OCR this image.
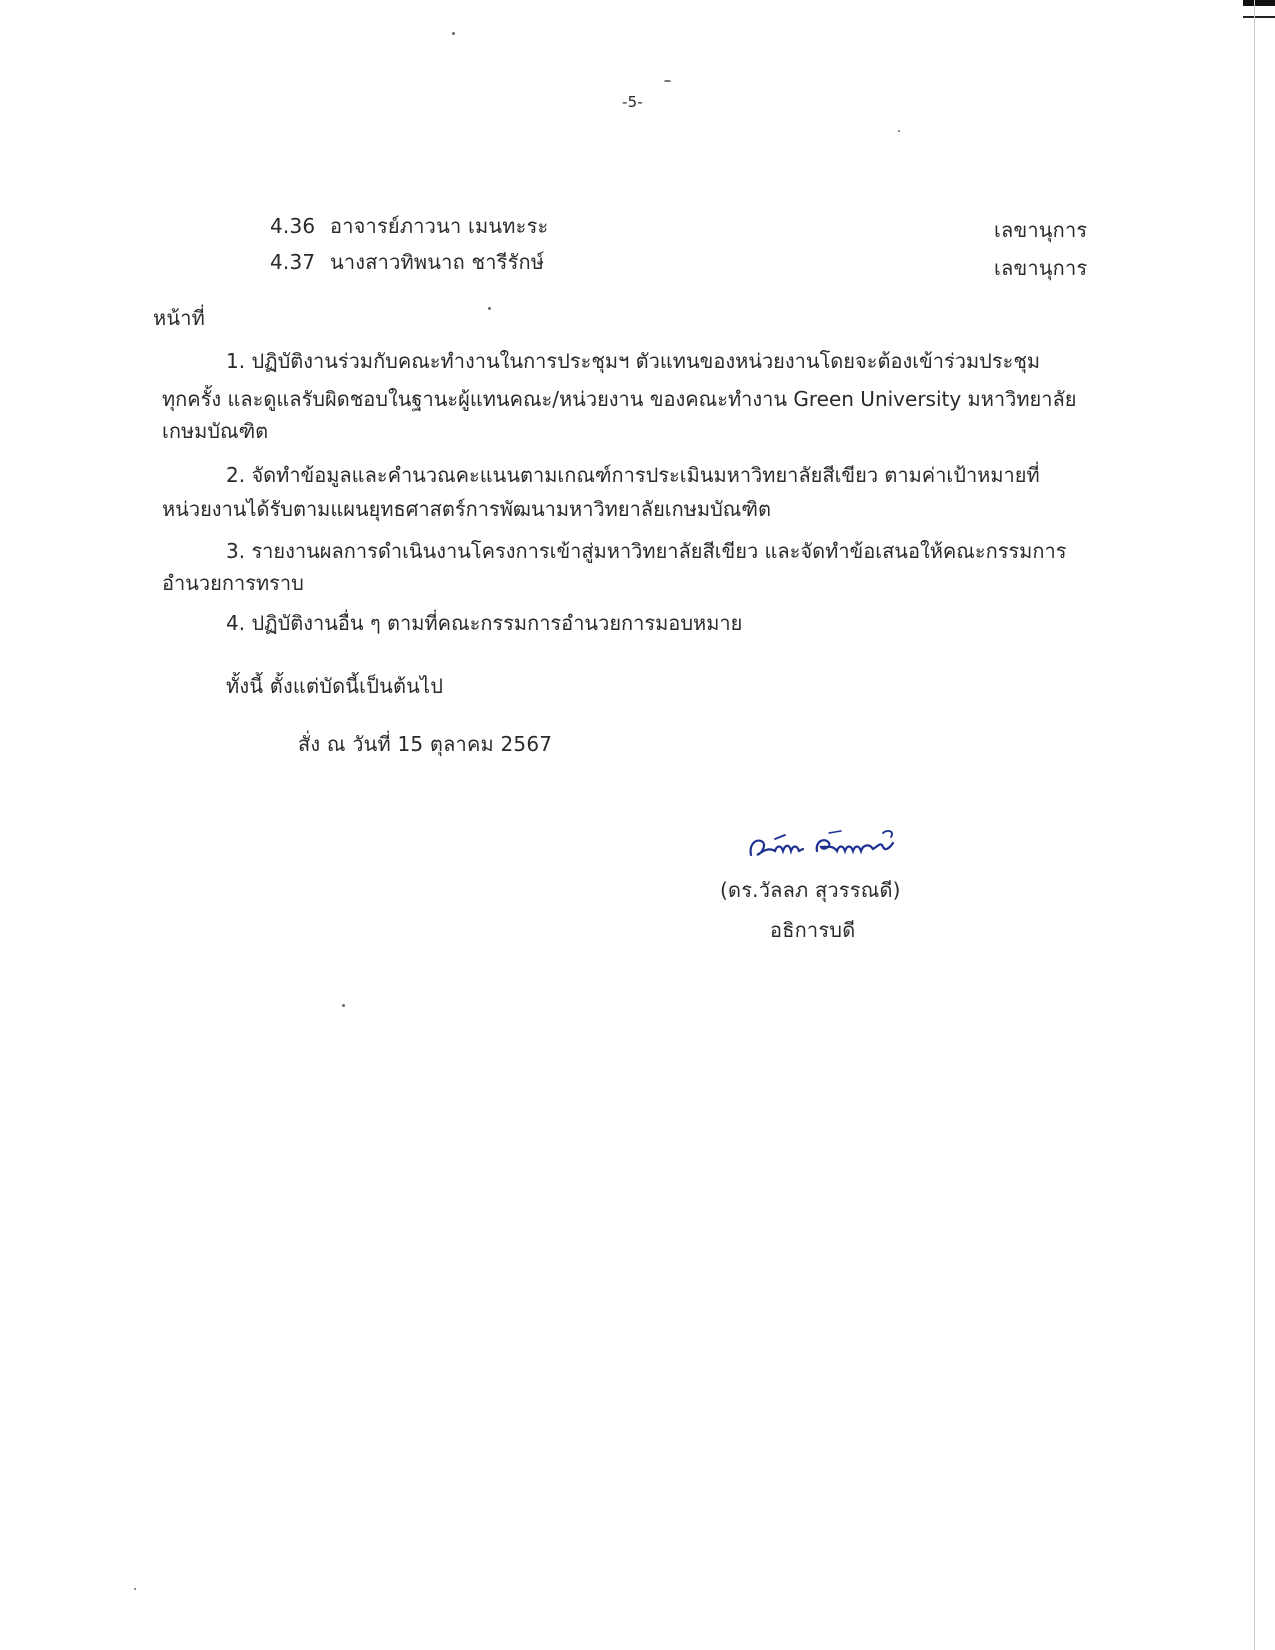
-5-
4.36 อาจารย์ภาวนา เมนทะระ	เลขานุการ
4.37 นางสาวทิพนาถ ชารีรักษ์	เลขานุการ
หน้าที่
1. ปฏิบัติงานร่วมกับคณะทำงานในการประชุมฯ ตัวแทนของหน่วยงานโดยจะต้องเข้าร่วมประชุม
ทุกครั้ง และดูแลรับผิดชอบในฐานะผู้แทนคณะ/หน่วยงาน ของคณะทำงาน Green University มหาวิทยาลัย
เกษมบัณฑิต
2. จัดทำข้อมูลและคำนวณคะแนนตามเกณฑ์การประเมินมหาวิทยาลัยสีเขียว ตามค่าเป้าหมายที่
หน่วยงานได้รับตามแผนยุทธศาสตร์การพัฒนามหาวิทยาลัยเกษมบัณฑิต
3. รายงานผลการดำเนินงานโครงการเข้าสู่มหาวิทยาลัยสีเขียว และจัดทำข้อเสนอให้คณะกรรมการ
อำนวยการทราบ
4. ปฏิบัติงานอื่น ๆ ตามที่คณะกรรมการอำนวยการมอบหมาย
ทั้งนี้ ตั้งแต่บัดนี้เป็นต้นไป
สั่ง ณ วันที่ 15 ตุลาคม 2567
(ดร.วัลลภ สุวรรณดี)
อธิการบดี
